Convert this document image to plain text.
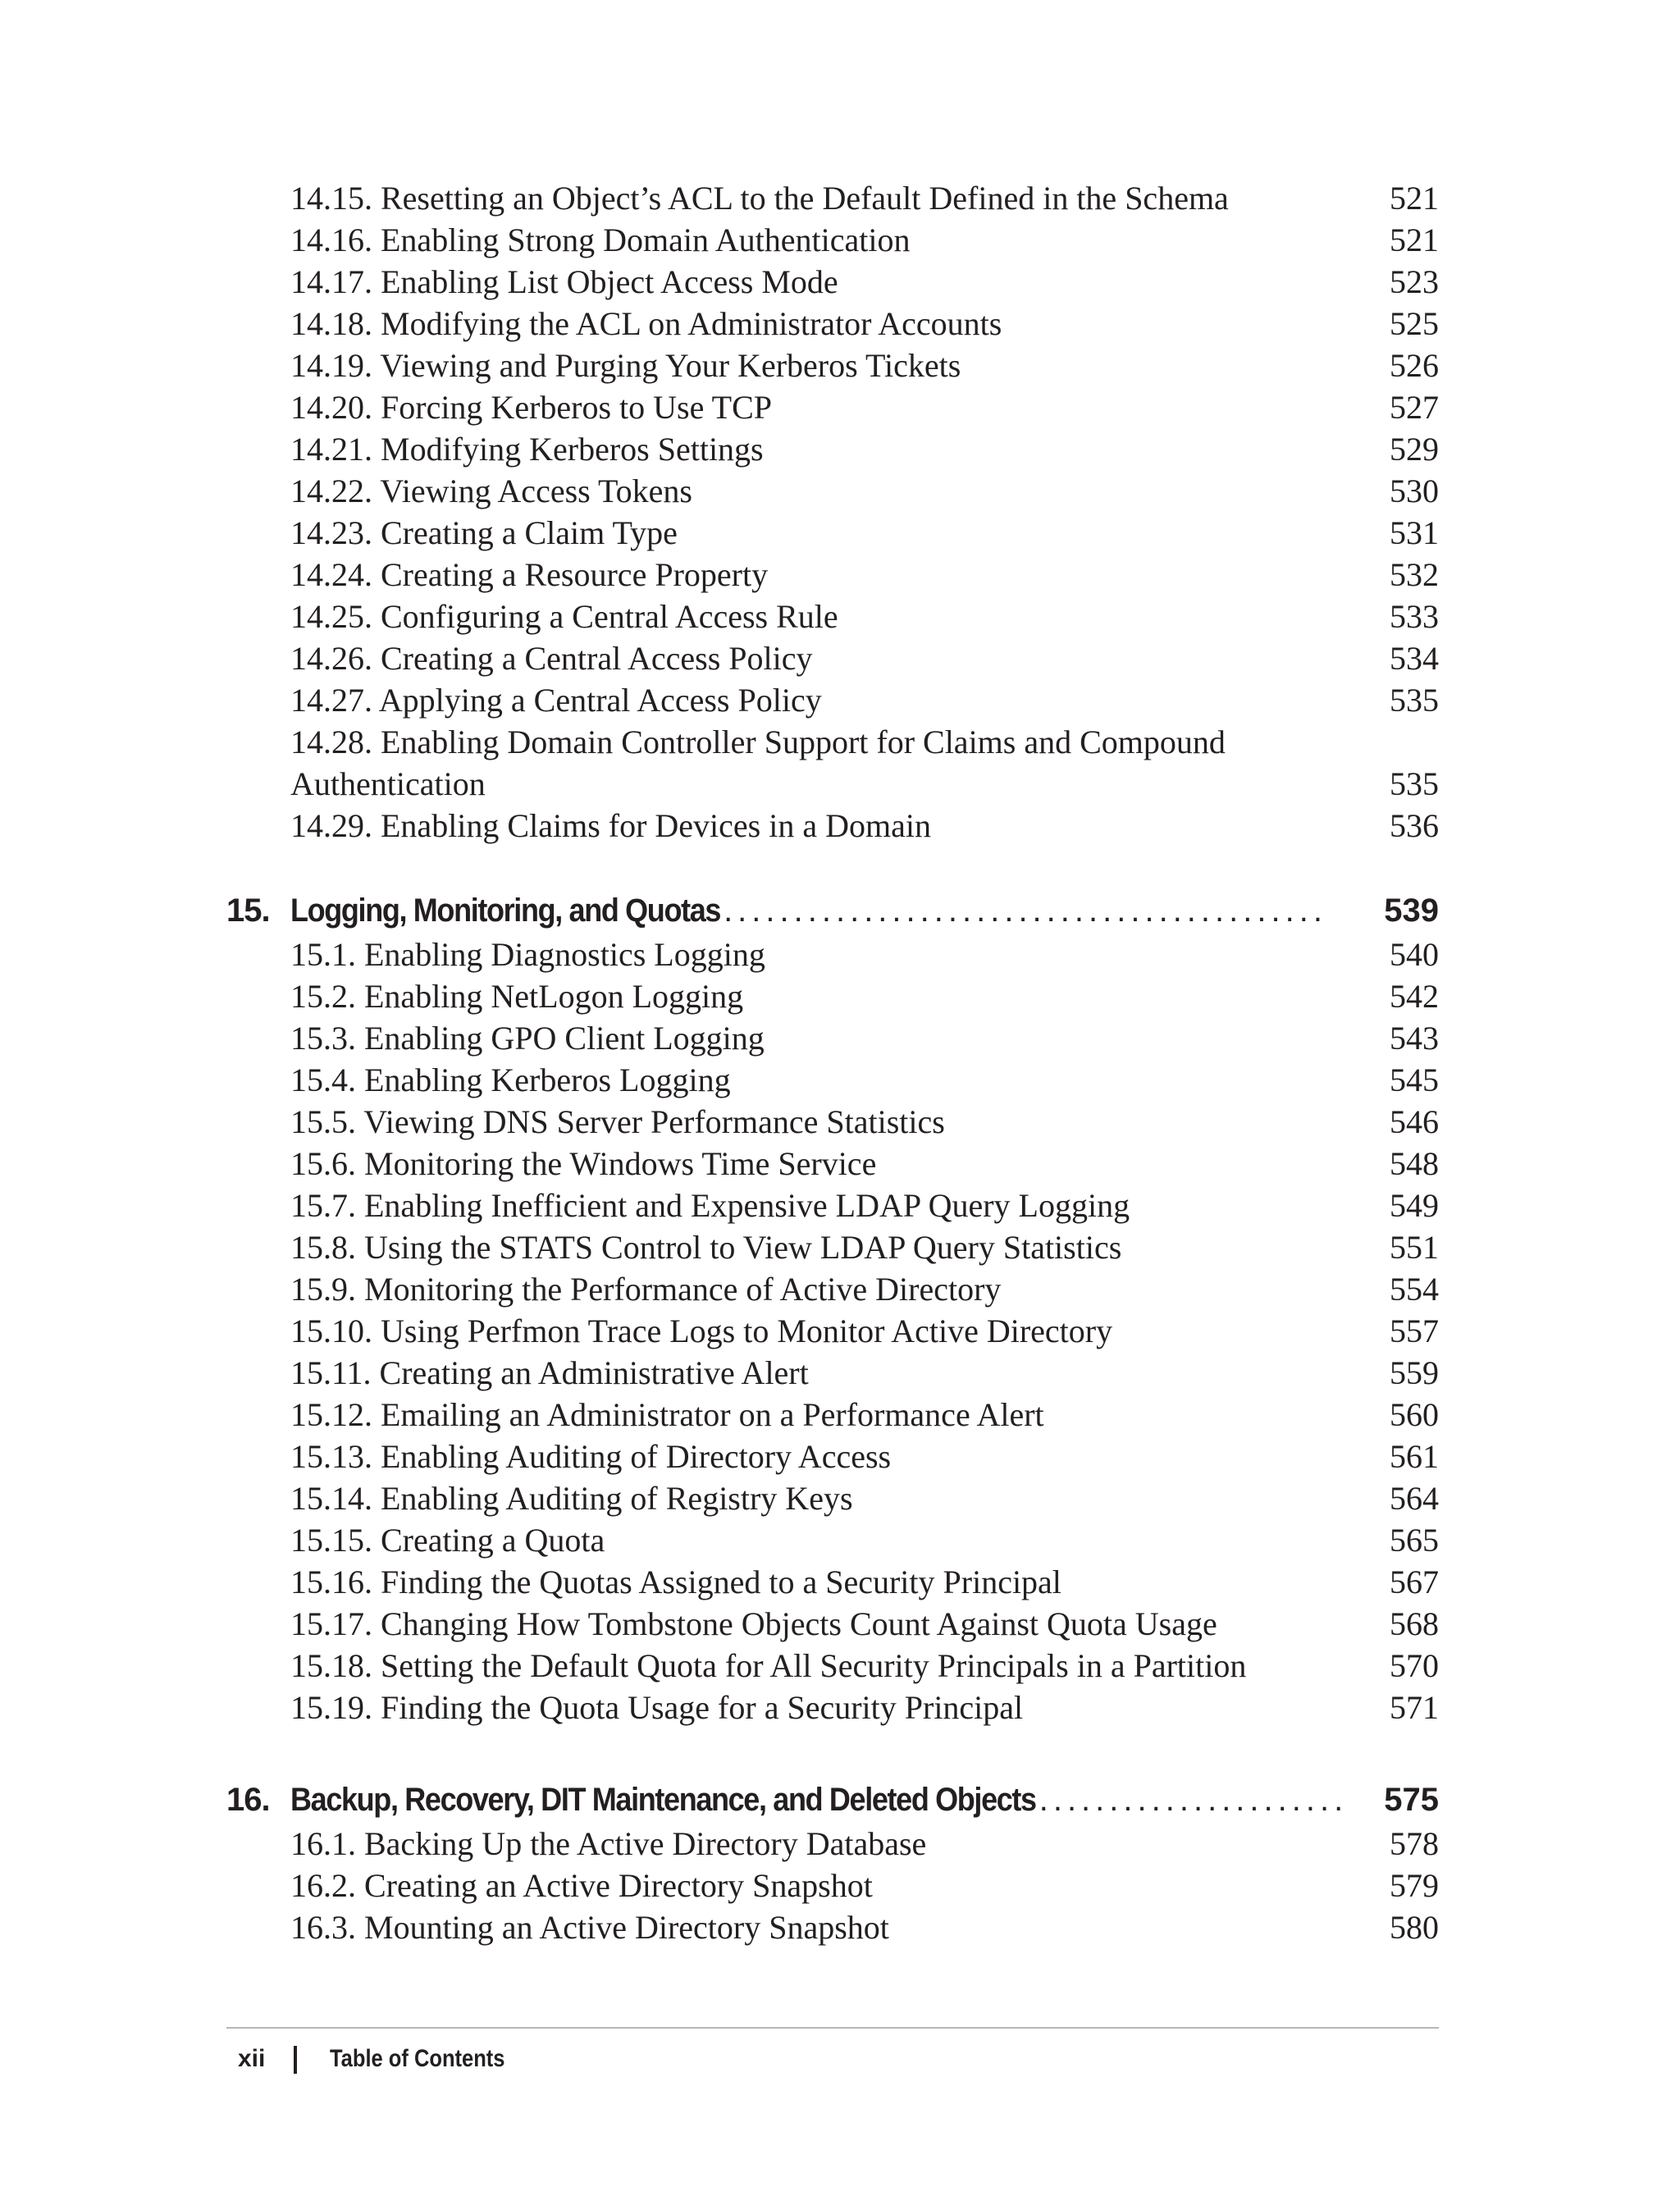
14.15. Resetting an Object’s ACL to the Default Defined in the Schema	521
14.16. Enabling Strong Domain Authentication	521
14.17. Enabling List Object Access Mode	523
14.18. Modifying the ACL on Administrator Accounts	525
14.19. Viewing and Purging Your Kerberos Tickets	526
14.20. Forcing Kerberos to Use TCP	527
14.21. Modifying Kerberos Settings	529
14.22. Viewing Access Tokens	530
14.23. Creating a Claim Type	531
14.24. Creating a Resource Property	532
14.25. Configuring a Central Access Rule	533
14.26. Creating a Central Access Policy	534
14.27. Applying a Central Access Policy	535
14.28. Enabling Domain Controller Support for Claims and Compound
Authentication	535
14.29. Enabling Claims for Devices in a Domain	536
15. Logging, Monitoring, and Quotas ...........................................	539
15.1. Enabling Diagnostics Logging	540
15.2. Enabling NetLogon Logging	542
15.3. Enabling GPO Client Logging	543
15.4. Enabling Kerberos Logging	545
15.5. Viewing DNS Server Performance Statistics	546
15.6. Monitoring the Windows Time Service	548
15.7. Enabling Inefficient and Expensive LDAP Query Logging	549
15.8. Using the STATS Control to View LDAP Query Statistics	551
15.9. Monitoring the Performance of Active Directory	554
15.10. Using Perfmon Trace Logs to Monitor Active Directory	557
15.11. Creating an Administrative Alert	559
15.12. Emailing an Administrator on a Performance Alert	560
15.13. Enabling Auditing of Directory Access	561
15.14. Enabling Auditing of Registry Keys	564
15.15. Creating a Quota	565
15.16. Finding the Quotas Assigned to a Security Principal	567
15.17. Changing How Tombstone Objects Count Against Quota Usage	568
15.18. Setting the Default Quota for All Security Principals in a Partition	570
15.19. Finding the Quota Usage for a Security Principal	571
16. Backup, Recovery, DIT Maintenance, and Deleted Objects ......................	575
16.1. Backing Up the Active Directory Database	578
16.2. Creating an Active Directory Snapshot	579
16.3. Mounting an Active Directory Snapshot	580
xii	Table of Contents
